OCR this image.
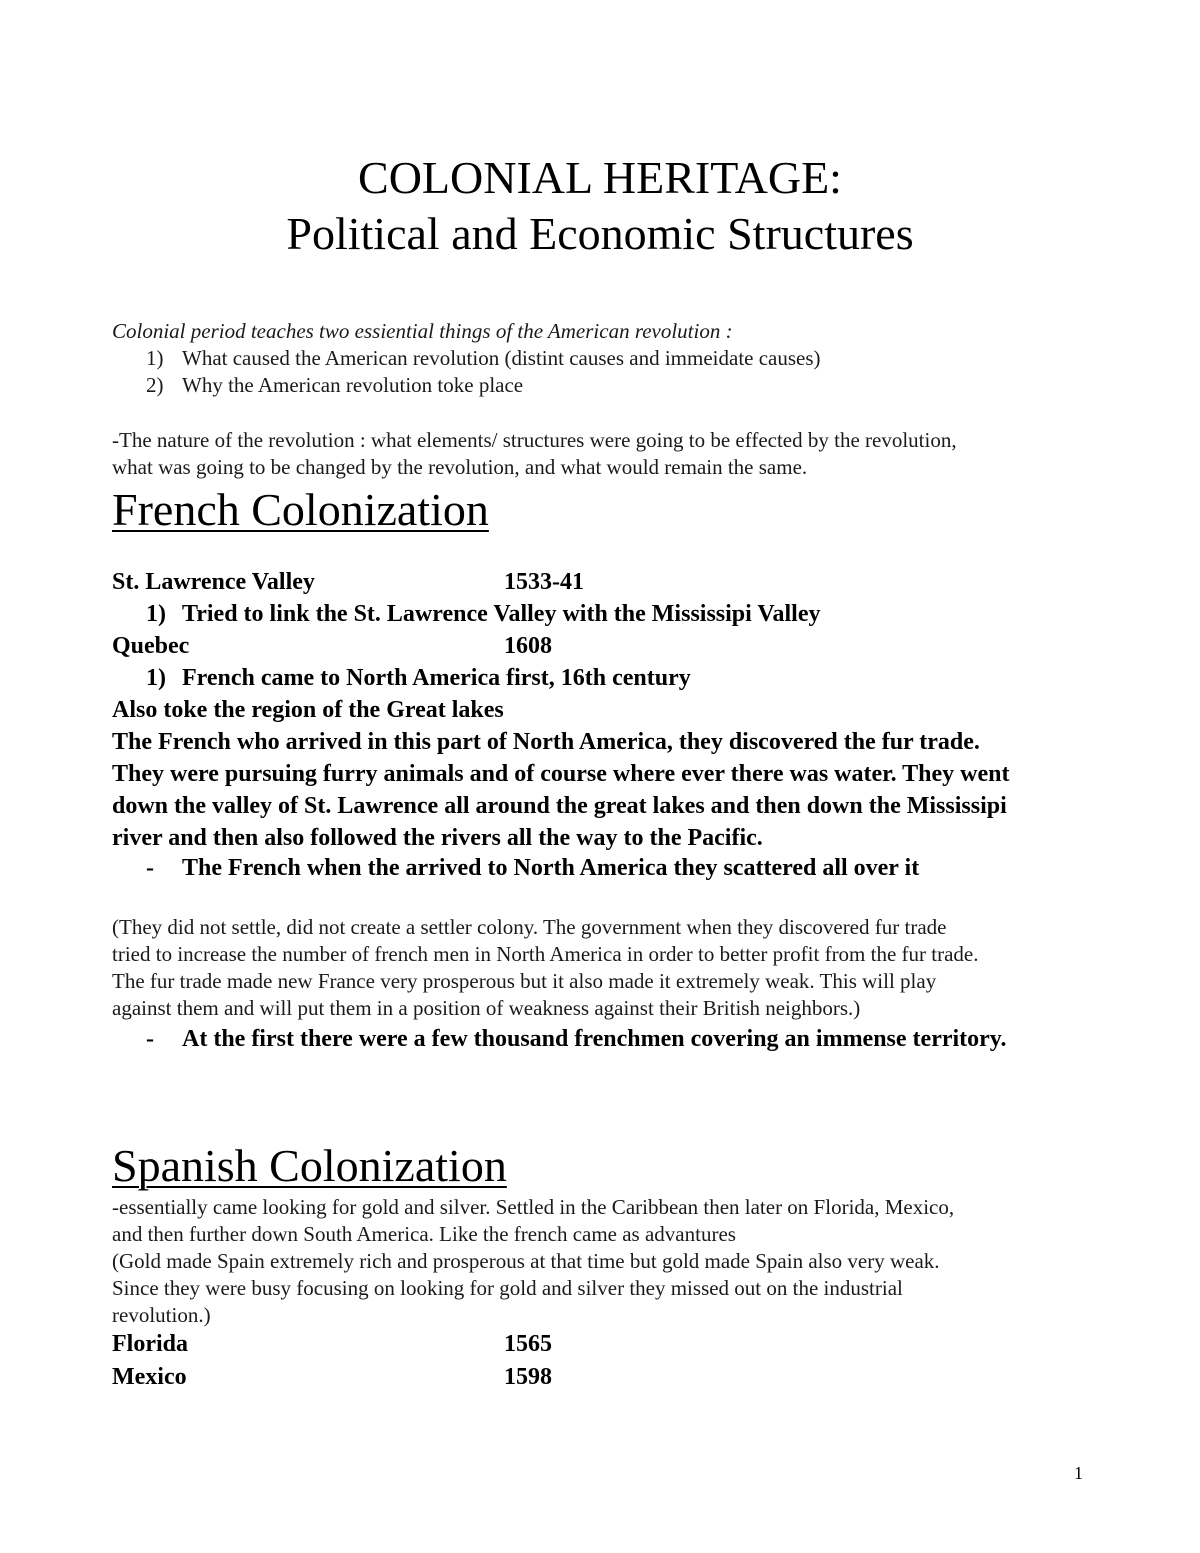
COLONIAL HERITAGE:
Political and Economic Structures
Colonial period teaches two essiential things of the American revolution :
1) What caused the American revolution (distint causes and immeidate causes)
2) Why the American revolution toke place
-The nature of the revolution : what elements/ structures were going to be effected by the revolution,
what was going to be changed by the revolution, and what would remain the same.
French Colonization
St. Lawrence Valley	1533-41
1) Tried to link the St. Lawrence Valley with the Mississipi Valley
Quebec	1608
1) French came to North America first, 16th century
Also toke the region of the Great lakes
The French who arrived in this part of North America, they discovered the fur trade.
They were pursuing furry animals and of course where ever there was water. They went
down the valley of St. Lawrence all around the great lakes and then down the Mississipi
river and then also followed the rivers all the way to the Pacific.
- The French when the arrived to North America they scattered all over it
(They did not settle, did not create a settler colony. The government when they discovered fur trade
tried to increase the number of french men in North America in order to better profit from the fur trade.
The fur trade made new France very prosperous but it also made it extremely weak. This will play
against them and will put them in a position of weakness against their British neighbors.)
- At the first there were a few thousand frenchmen covering an immense territory.
Spanish Colonization
-essentially came looking for gold and silver. Settled in the Caribbean then later on Florida, Mexico,
and then further down South America. Like the french came as advantures
(Gold made Spain extremely rich and prosperous at that time but gold made Spain also very weak.
Since they were busy focusing on looking for gold and silver they missed out on the industrial
revolution.)
Florida	1565
Mexico	1598
1
